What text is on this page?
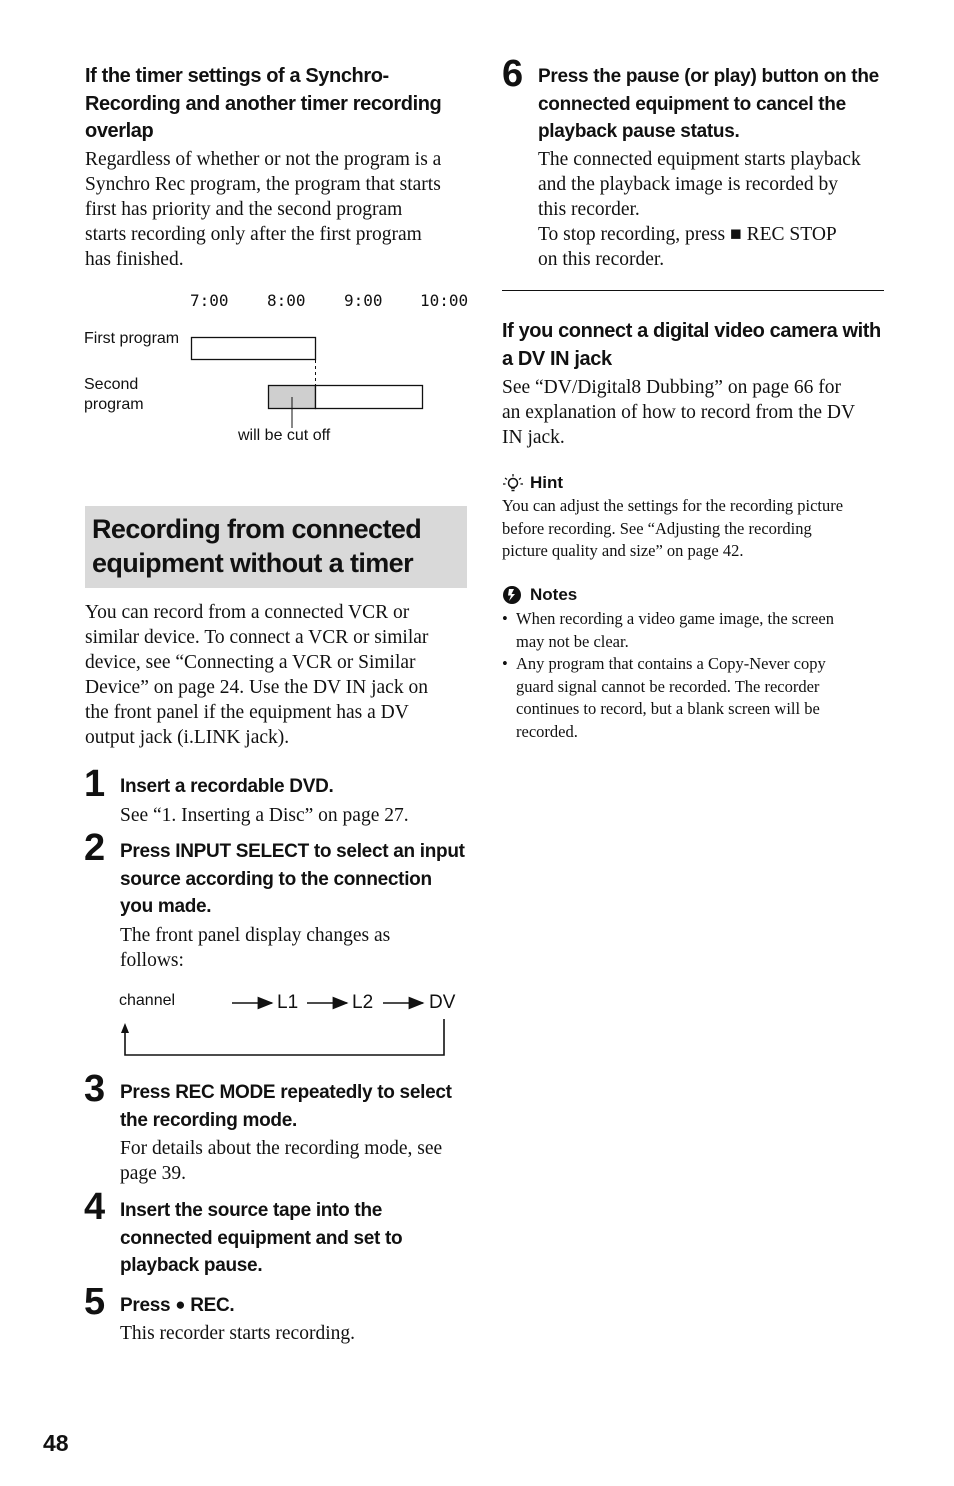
If the timer settings of a Synchro-
Recording and another timer recording
overlap
Regardless of whether or not the program is a
Synchro Rec program, the program that starts
first has priority and the second program
starts recording only after the first program
has finished.
7:00 8:00 9:00 10:00
First program
Second
program
will be cut off
Recording from connected
equipment without a timer
You can record from a connected VCR or
similar device. To connect a VCR or similar
device, see “Connecting a VCR or Similar
Device” on page 24. Use the DV IN jack on
the front panel if the equipment has a DV
output jack (i.LINK jack).
1 Insert a recordable DVD.
See “1. Inserting a Disc” on page 27.
2 Press INPUT SELECT to select an input
source according to the connection
you made.
The front panel display changes as
follows:
channel	L1	L2	DV
3 Press REC MODE repeatedly to select
the recording mode.
For details about the recording mode, see
page 39.
4 Insert the source tape into the
connected equipment and set to
playback pause.
5 Press ● REC.
This recorder starts recording.
48
6 Press the pause (or play) button on the
connected equipment to cancel the
playback pause status.
The connected equipment starts playback
and the playback image is recorded by
this recorder.
To stop recording, press ■ REC STOP
on this recorder.
If you connect a digital video camera with
a DV IN jack
See “DV/Digital8 Dubbing” on page 66 for
an explanation of how to record from the DV
IN jack.
Hint
You can adjust the settings for the recording picture
before recording. See “Adjusting the recording
picture quality and size” on page 42.
Notes
• When recording a video game image, the screen
may not be clear.
• Any program that contains a Copy-Never copy
guard signal cannot be recorded. The recorder
continues to record, but a blank screen will be
recorded.
